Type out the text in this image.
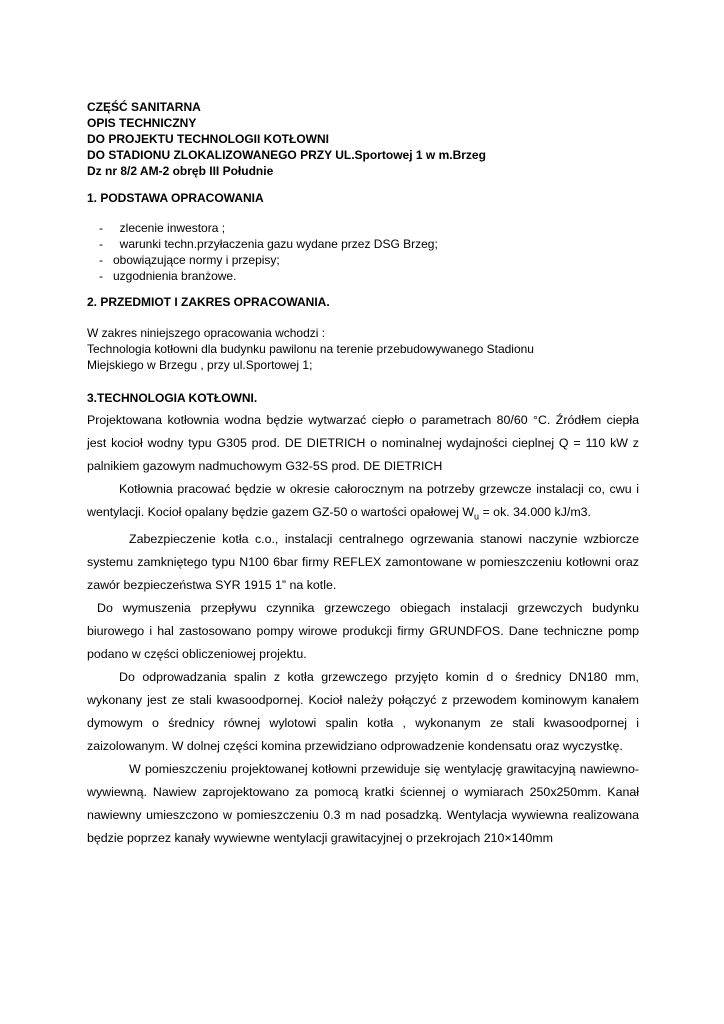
CZĘŚĆ SANITARNA
OPIS TECHNICZNY
DO PROJEKTU TECHNOLOGII KOTŁOWNI
DO STADIONU ZLOKALIZOWANEGO PRZY UL.Sportowej 1 w m.Brzeg
Dz nr 8/2 AM-2 obręb III Południe
1. PODSTAWA OPRACOWANIA
-     zlecenie inwestora ;
-     warunki techn.przyłaczenia gazu wydane przez DSG Brzeg;
-   obowiązujące normy i przepisy;
-   uzgodnienia branżowe.
2. PRZEDMIOT I ZAKRES OPRACOWANIA.
W zakres niniejszego opracowania wchodzi :
Technologia kotłowni dla budynku pawilonu na terenie przebudowywanego Stadionu
Miejskiego w Brzegu , przy ul.Sportowej 1;
3.TECHNOLOGIA KOTŁOWNI.

Projektowana kotłownia wodna będzie wytwarzać ciepło o parametrach 80/60 °C. Źródłem ciepła jest kocioł wodny typu G305 prod. DE DIETRICH o nominalnej wydajności cieplnej Q = 110 kW z palnikiem gazowym nadmuchowym G32-5S prod. DE DIETRICH

Kotłownia pracować będzie w okresie całorocznym na potrzeby grzewcze instalacji co, cwu i wentylacji. Kocioł opalany będzie gazem GZ-50 o wartości opałowej $W_u$ = ok. 34.000 kJ/m3.

Zabezpieczenie kotła c.o., instalacji centralnego ogrzewania stanowi naczynie wzbiorcze systemu zamkniętego typu N100 6bar firmy REFLEX zamontowane w pomieszczeniu kotłowni oraz zawór bezpieczeństwa SYR 1915 1” na kotle.

Do wymuszenia przepływu czynnika grzewczego obiegach instalacji grzewczych budynku biurowego i hal zastosowano pompy wirowe produkcji firmy GRUNDFOS. Dane techniczne pomp podano w części obliczeniowej projektu.

Do odprowadzania spalin z kotła grzewczego przyjęto komin d o średnicy DN180 mm, wykonany jest ze stali kwasoodpornej. Kocioł należy połączyć z przewodem kominowym kanałem dymowym o średnicy równej wylotowi spalin kotła , wykonanym ze stali kwasoodpornej i zaizolowanym. W dolnej części komina przewidziano odprowadzenie kondensatu oraz wyczystkę.

W pomieszczeniu projektowanej kotłowni przewiduje się wentylację grawitacyjną nawiewno-wywiewną. Nawiew zaprojektowano za pomocą kratki ściennej o wymiarach 250x250mm. Kanał nawiewny umieszczono w pomieszczeniu 0.3 m nad posadzką. Wentylacja wywiewna realizowana będzie poprzez kanały wywiewne wentylacji grawitacyjnej o przekrojach 210×140mm
